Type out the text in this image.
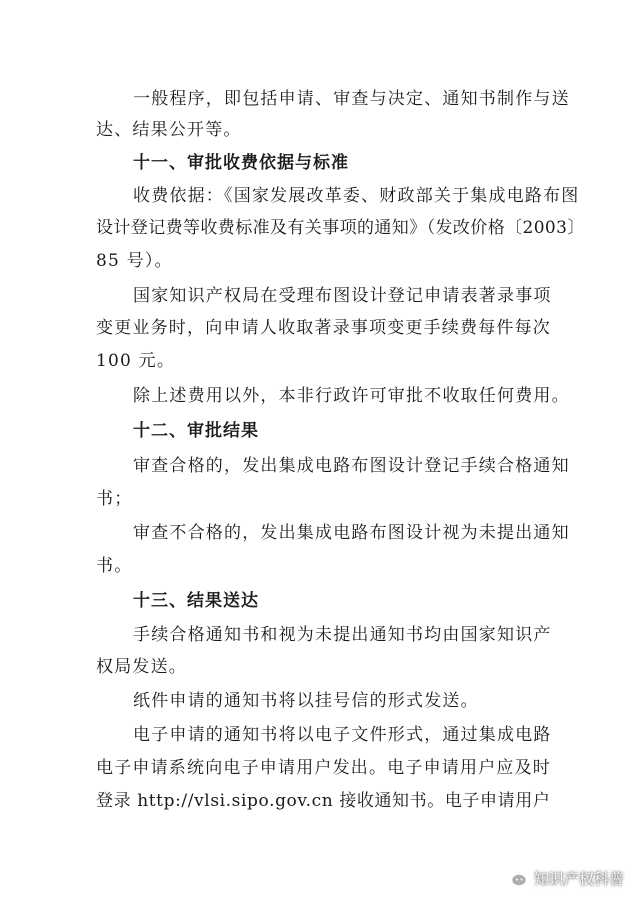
一般程序，即包括申请、审查与决定、通知书制作与送
达、结果公开等。
十一、审批收费依据与标准
收费依据：《国家发展改革委、财政部关于集成电路布图
设计登记费等收费标准及有关事项的通知》（发改价格〔2003〕
85 号）。
国家知识产权局在受理布图设计登记申请表著录事项
变更业务时，向申请人收取著录事项变更手续费每件每次
100 元。
除上述费用以外，本非行政许可审批不收取任何费用。
十二、审批结果
审查合格的，发出集成电路布图设计登记手续合格通知
书；
审查不合格的，发出集成电路布图设计视为未提出通知
书。
十三、结果送达
手续合格通知书和视为未提出通知书均由国家知识产
权局发送。
纸件申请的通知书将以挂号信的形式发送。
电子申请的通知书将以电子文件形式，通过集成电路
电子申请系统向电子申请用户发出。电子申请用户应及时
登录 http://vlsi.sipo.gov.cn 接收通知书。电子申请用户
知识产权科普
